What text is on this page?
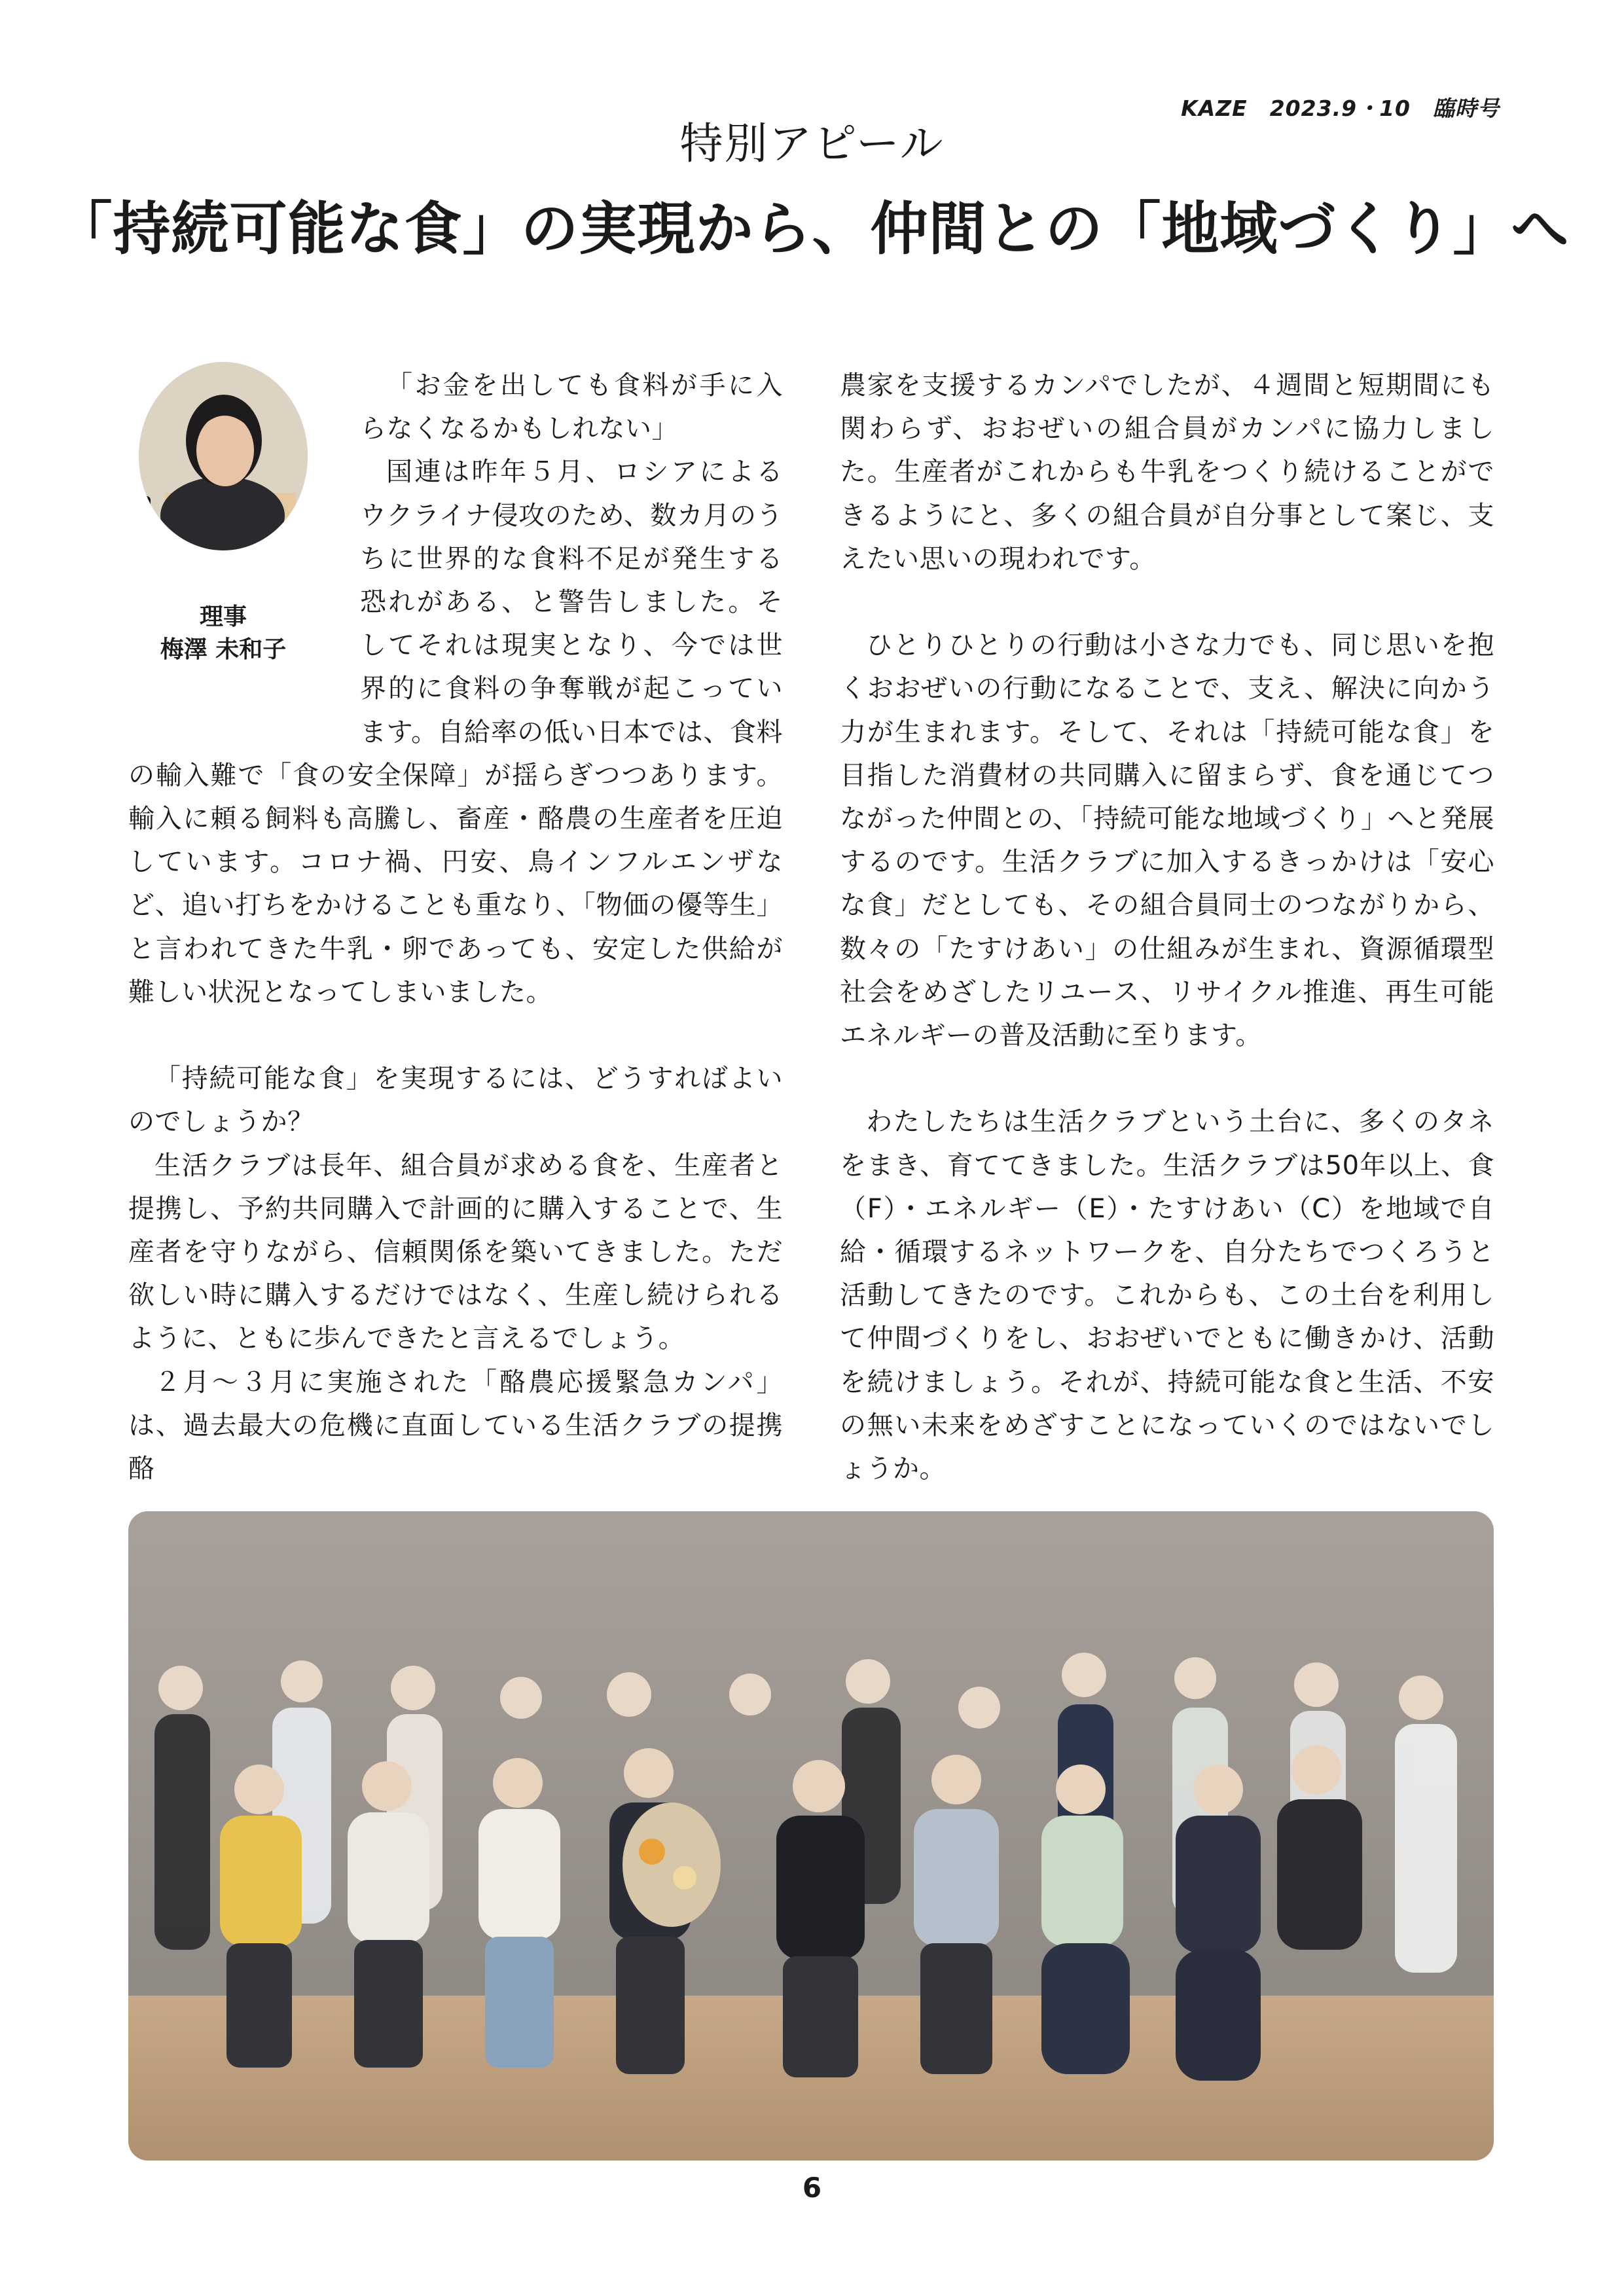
KAZE　2023.9・10　臨時号
特別アピール
「持続可能な食」の実現から、仲間との「地域づくり」へ
理事
梅澤 未和子

「お金を出しても食料が手に入らなくなるかもしれない」

国連は昨年５月、ロシアによるウクライナ侵攻のため、数カ月のうちに世界的な食料不足が発生する恐れがある、と警告しました。そしてそれは現実となり、今では世界的に食料の争奪戦が起こっています。自給率の低い日本では、食料の輸入難で「食の安全保障」が揺らぎつつあります。輸入に頼る飼料も高騰し、畜産・酪農の生産者を圧迫しています。コロナ禍、円安、鳥インフルエンザなど、追い打ちをかけることも重なり、「物価の優等生」と言われてきた牛乳・卵であっても、安定した供給が難しい状況となってしまいました。

「持続可能な食」を実現するには、どうすればよいのでしょうか？

生活クラブは長年、組合員が求める食を、生産者と提携し、予約共同購入で計画的に購入することで、生産者を守りながら、信頼関係を築いてきました。ただ欲しい時に購入するだけではなく、生産し続けられるように、ともに歩んできたと言えるでしょう。

２月〜３月に実施された「酪農応援緊急カンパ」は、過去最大の危機に直面している生活クラブの提携酪

農家を支援するカンパでしたが、４週間と短期間にも関わらず、おおぜいの組合員がカンパに協力しました。生産者がこれからも牛乳をつくり続けることができるようにと、多くの組合員が自分事として案じ、支えたい思いの現われです。

ひとりひとりの行動は小さな力でも、同じ思いを抱くおおぜいの行動になることで、支え、解決に向かう力が生まれます。そして、それは「持続可能な食」を目指した消費材の共同購入に留まらず、食を通じてつながった仲間との、「持続可能な地域づくり」へと発展するのです。生活クラブに加入するきっかけは「安心な食」だとしても、その組合員同士のつながりから、数々の「たすけあい」の仕組みが生まれ、資源循環型社会をめざしたリユース、リサイクル推進、再生可能エネルギーの普及活動に至ります。

わたしたちは生活クラブという土台に、多くのタネをまき、育ててきました。生活クラブは50年以上、食（F）・エネルギー（E）・たすけあい（C）を地域で自給・循環するネットワークを、自分たちでつくろうと活動してきたのです。これからも、この土台を利用して仲間づくりをし、おおぜいでともに働きかけ、活動を続けましょう。それが、持続可能な食と生活、不安の無い未来をめざすことになっていくのではないでしょうか。

6
